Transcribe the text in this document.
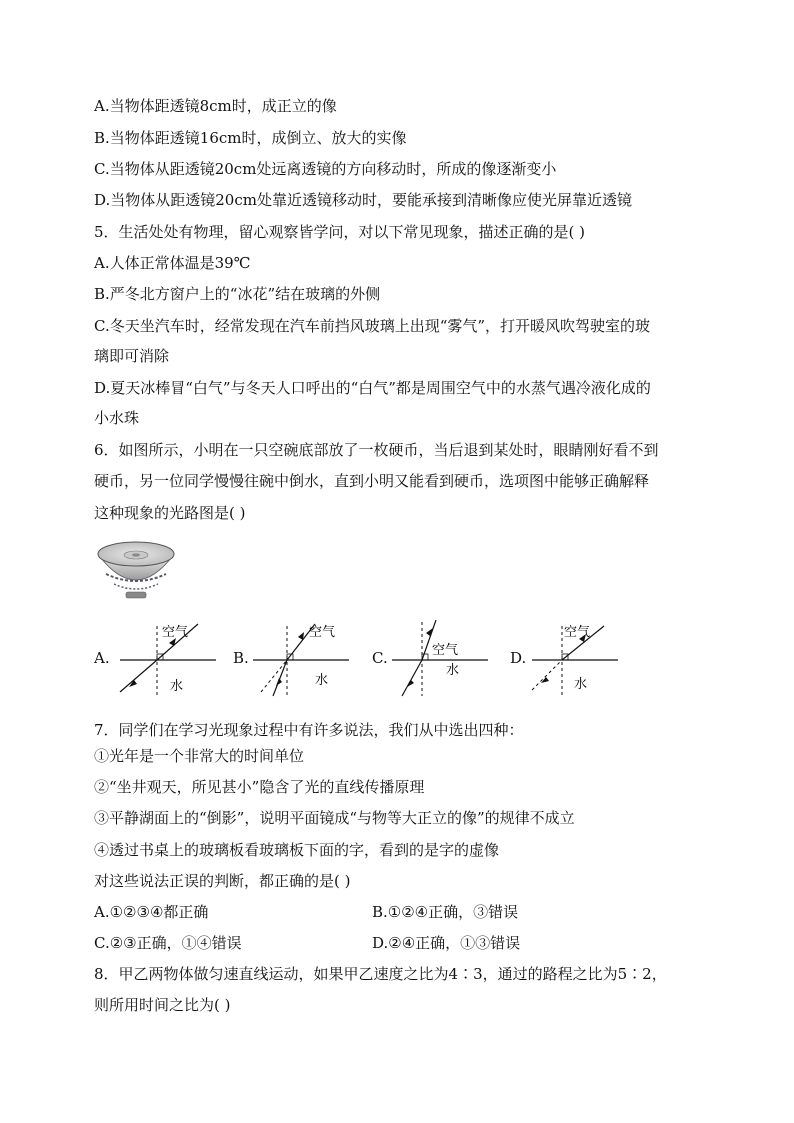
A.当物体距透镜8cm时，成正立的像
B.当物体距透镜16cm时，成倒立、放大的实像
C.当物体从距透镜20cm处远离透镜的方向移动时，所成的像逐渐变小
D.当物体从距透镜20cm处靠近透镜移动时，要能承接到清晰像应使光屏靠近透镜
5．生活处处有物理，留心观察皆学问，对以下常见现象，描述正确的是( )
A.人体正常体温是39℃
B.严冬北方窗户上的“冰花”结在玻璃的外侧
C.冬天坐汽车时，经常发现在汽车前挡风玻璃上出现“雾气”，打开暖风吹驾驶室的玻
璃即可消除
D.夏天冰棒冒“白气”与冬天人口呼出的“白气”都是周围空气中的水蒸气遇冷液化成的
小水珠
6．如图所示，小明在一只空碗底部放了一枚硬币，当后退到某处时，眼睛刚好看不到
硬币，另一位同学慢慢往碗中倒水，直到小明又能看到硬币，选项图中能够正确解释
这种现象的光路图是( )
A.
空气
水
B.
空气
水
C.	空气
水
D.
空气
水
7．同学们在学习光现象过程中有许多说法，我们从中选出四种：
①光年是一个非常大的时间单位
②“坐井观天，所见甚小”隐含了光的直线传播原理
③平静湖面上的“倒影”，说明平面镜成“与物等大正立的像”的规律不成立
④透过书桌上的玻璃板看玻璃板下面的字，看到的是字的虚像
对这些说法正误的判断，都正确的是( )
A.①②③④都正确	B.①②④正确，③错误
C.②③正确，①④错误	D.②④正确，①③错误
8．甲乙两物体做匀速直线运动，如果甲乙速度之比为4∶3，通过的路程之比为5∶2，
则所用时间之比为( )
